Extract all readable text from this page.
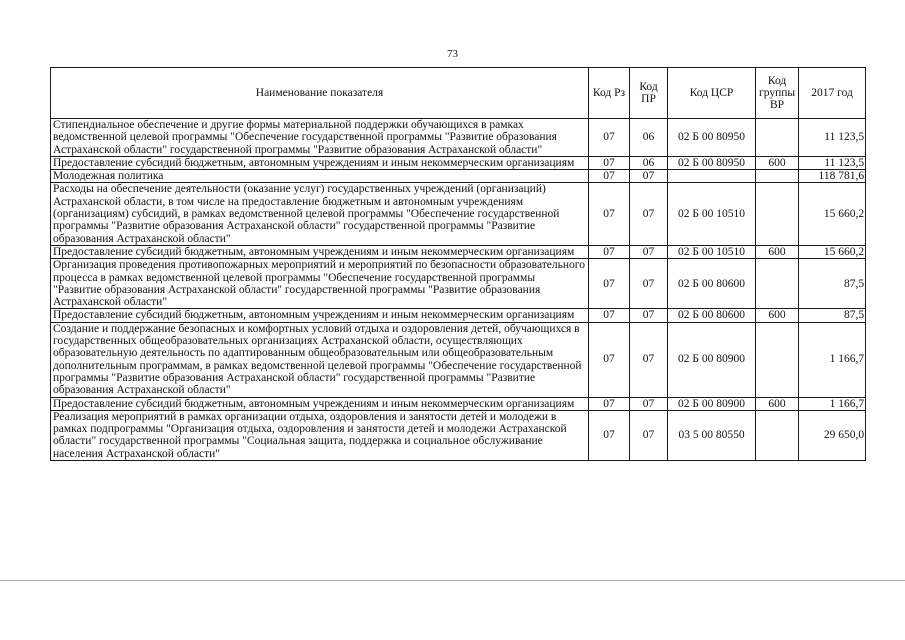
73
Наименование показателя	Код Рз	Код ПР	Код ЦСР	Код группы ВР	2017 год
Стипендиальное обеспечение и другие формы материальной поддержки обучающихся в рамках ведомственной целевой программы "Обеспечение государственной программы "Развитие образования Астраханской области" государственной программы "Развитие образования Астраханской области"	07	06	02 Б 00 80950		11 123,5
Предоставление субсидий бюджетным, автономным учреждениям и иным некоммерческим организациям	07	06	02 Б 00 80950	600	11 123,5
Молодежная политика	07	07			118 781,6
Расходы на обеспечение деятельности (оказание услуг) государственных учреждений (организаций) Астраханской области, в том числе на предоставление бюджетным и автономным учреждениям (организациям) субсидий, в рамках ведомственной целевой программы "Обеспечение государственной программы "Развитие образования Астраханской области" государственной программы "Развитие образования Астраханской области"	07	07	02 Б 00 10510		15 660,2
Предоставление субсидий бюджетным, автономным учреждениям и иным некоммерческим организациям	07	07	02 Б 00 10510	600	15 660,2
Организация проведения противопожарных мероприятий и мероприятий по безопасности образовательного процесса в рамках ведомственной целевой программы "Обеспечение государственной программы "Развитие образования Астраханской области" государственной программы "Развитие образования Астраханской области"	07	07	02 Б 00 80600		87,5
Предоставление субсидий бюджетным, автономным учреждениям и иным некоммерческим организациям	07	07	02 Б 00 80600	600	87,5
Создание и поддержание безопасных и комфортных условий отдыха и оздоровления детей, обучающихся в государственных общеобразовательных организациях Астраханской области, осуществляющих образовательную деятельность по адаптированным общеобразовательным или общеобразовательным дополнительным программам, в рамках ведомственной целевой программы "Обеспечение государственной программы "Развитие образования Астраханской области" государственной программы "Развитие образования Астраханской области"	07	07	02 Б 00 80900		1 166,7
Предоставление субсидий бюджетным, автономным учреждениям и иным некоммерческим организациям	07	07	02 Б 00 80900	600	1 166,7
Реализация мероприятий в рамках организации отдыха, оздоровления и занятости детей и молодежи в рамках подпрограммы "Организация отдыха, оздоровления и занятости детей и молодежи Астраханской области" государственной программы "Социальная защита, поддержка и социальное обслуживание населения Астраханской области"	07	07	03 5 00 80550		29 650,0
